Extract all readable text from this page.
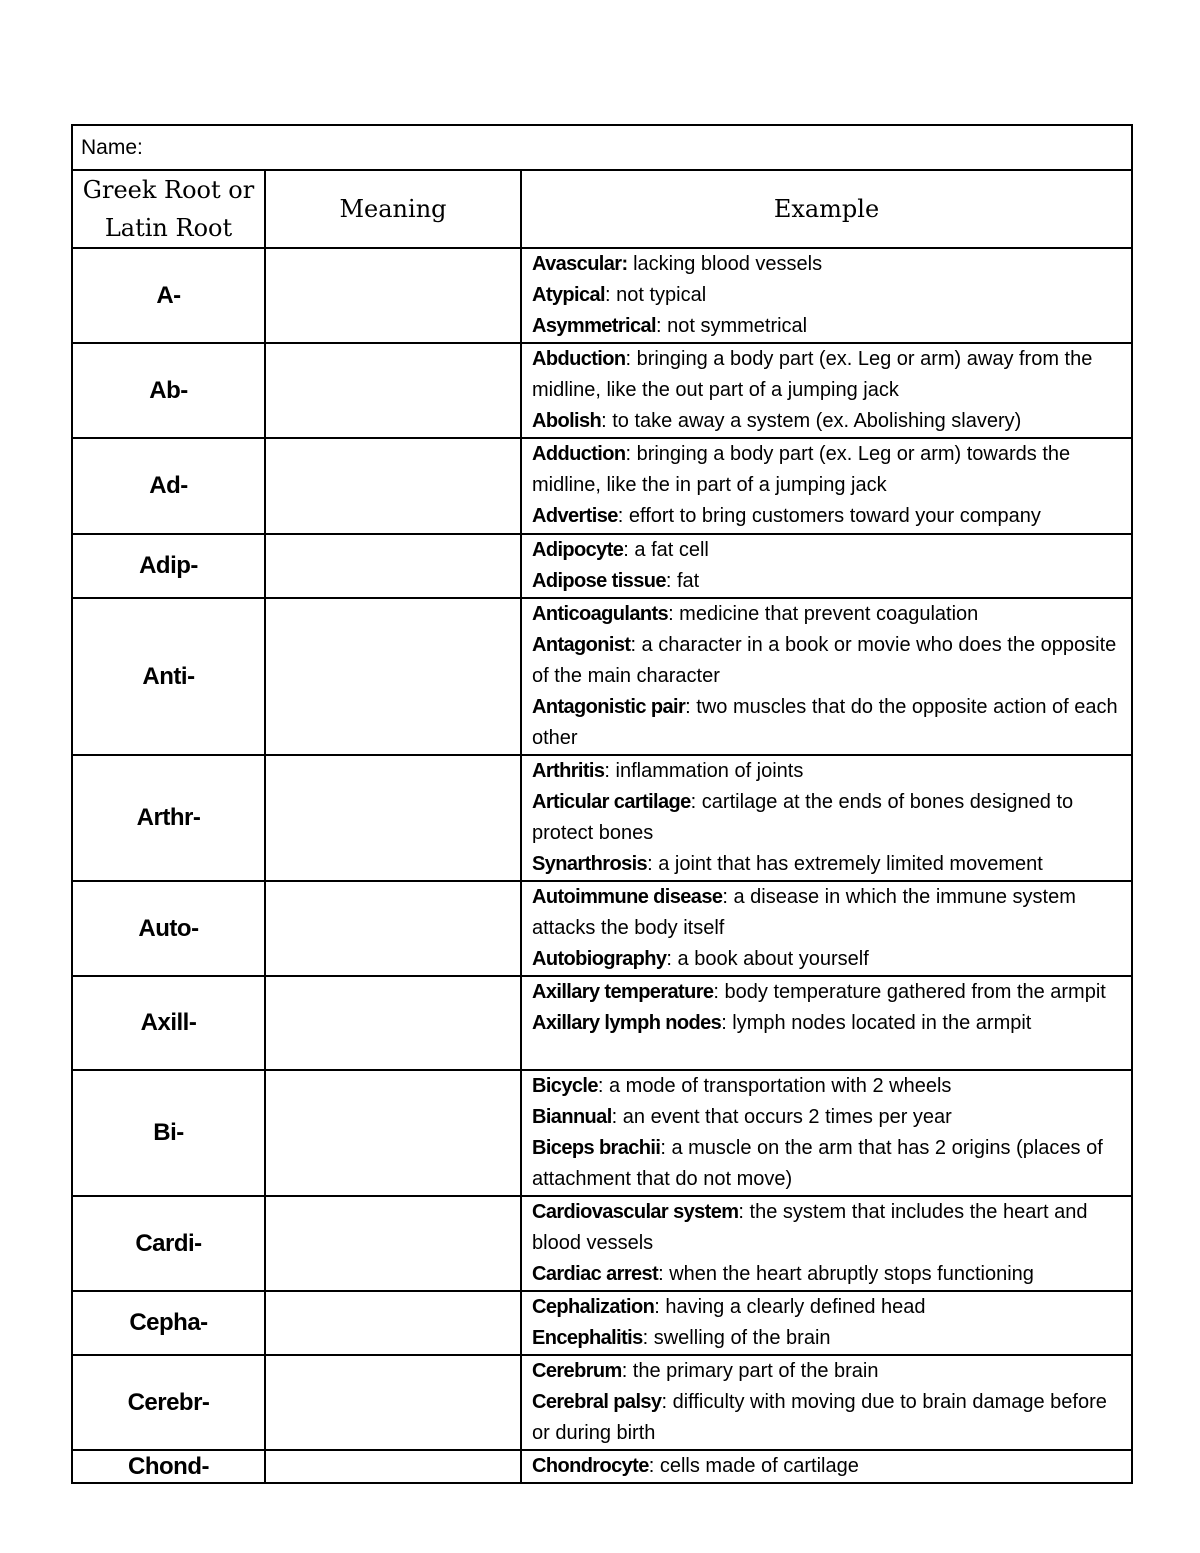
Name:		
Greek Root or Latin Root	Meaning	Example
A-		Avascular: lacking blood vessels
Atypical: not typical
Asymmetrical: not symmetrical

Ab-		Abduction: bringing a body part (ex. Leg or arm) away from the midline, like the out part of a jumping jack
Abolish: to take away a system (ex. Abolishing slavery)

Ad-		Adduction: bringing a body part (ex. Leg or arm) towards the midline, like the in part of a jumping jack
Advertise: effort to bring customers toward your company

Adip-		Adipocyte: a fat cell
Adipose tissue: fat

Anti-		Anticoagulants: medicine that prevent coagulation
Antagonist: a character in a book or movie who does the opposite of the main character
Antagonistic pair: two muscles that do the opposite action of each other

Arthr-		Arthritis: inflammation of joints
Articular cartilage: cartilage at the ends of bones designed to protect bones
Synarthrosis: a joint that has extremely limited movement

Auto-		Autoimmune disease: a disease in which the immune system attacks the body itself
Autobiography: a book about yourself

Axill-		Axillary temperature: body temperature gathered from the armpit
Axillary lymph nodes: lymph nodes located in the armpit

Bi-		Bicycle: a mode of transportation with 2 wheels
Biannual: an event that occurs 2 times per year
Biceps brachii: a muscle on the arm that has 2 origins (places of attachment that do not move)

Cardi-		Cardiovascular system: the system that includes the heart and blood vessels
Cardiac arrest: when the heart abruptly stops functioning

Cepha-		Cephalization: having a clearly defined head
Encephalitis: swelling of the brain

Cerebr-		Cerebrum: the primary part of the brain
Cerebral palsy: difficulty with moving due to brain damage before or during birth

Chond-		Chondrocyte: cells made of cartilage
